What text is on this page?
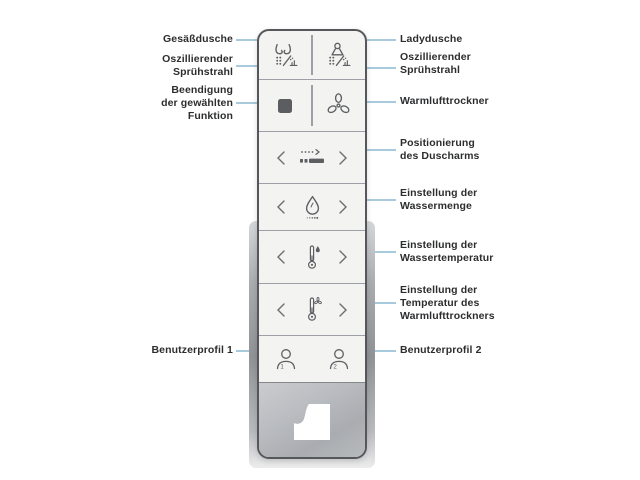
Gesäßdusche
Oszillierender
Sprühstrahl
Beendigung
der gewählten
Funktion
Benutzerprofil 1
Ladydusche
Oszillierender
Sprühstrahl
Warmlufttrockner
Positionierung
des Duscharms
Einstellung der
Wassermenge
Einstellung der
Wassertemperatur
Einstellung der
Temperatur des
Warmlufttrockners
Benutzerprofil 2
1	2
